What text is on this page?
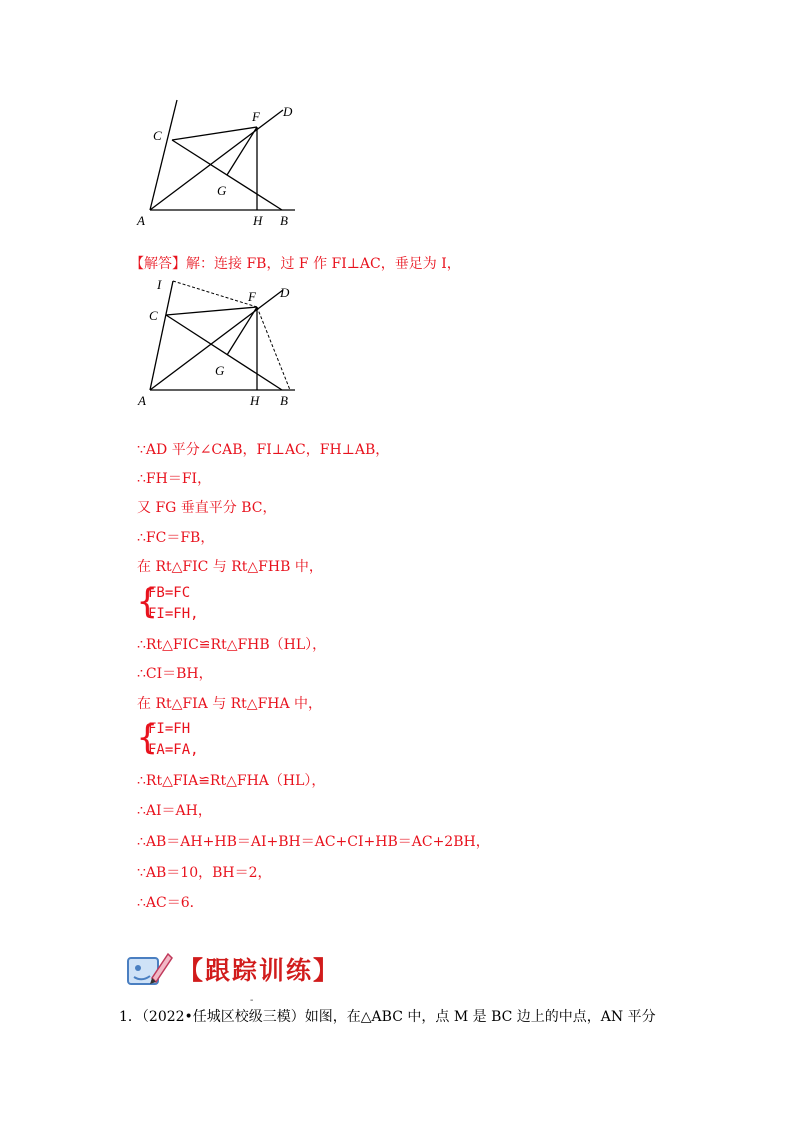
A
C
F D
G
H B
【解答】解：连接 FB，过 F 作 FI⊥AC，垂足为 I，
I
C
F D
G
A	H B
∵AD 平分∠CAB，FI⊥AC，FH⊥AB，
∴FH＝FI，
又 FG 垂直平分 BC，
∴FC＝FB，
在 Rt△FIC 与 Rt△FHB 中，
{
FB=FC
FI=FH,
∴Rt△FIC≌Rt△FHB（HL），
∴CI＝BH，
在 Rt△FIA 与 Rt△FHA 中，
{
FI=FH
FA=FA,
∴Rt△FIA≌Rt△FHA（HL），
∴AI＝AH，
∴AB＝AH+HB＝AI+BH＝AC+CI+HB＝AC+2BH，
∵AB＝10，BH＝2，
∴AC＝6．
【跟踪训练】
-
1．（2022•任城区校级三模）如图，在△ABC 中，点 M 是 BC 边上的中点，AN 平分
